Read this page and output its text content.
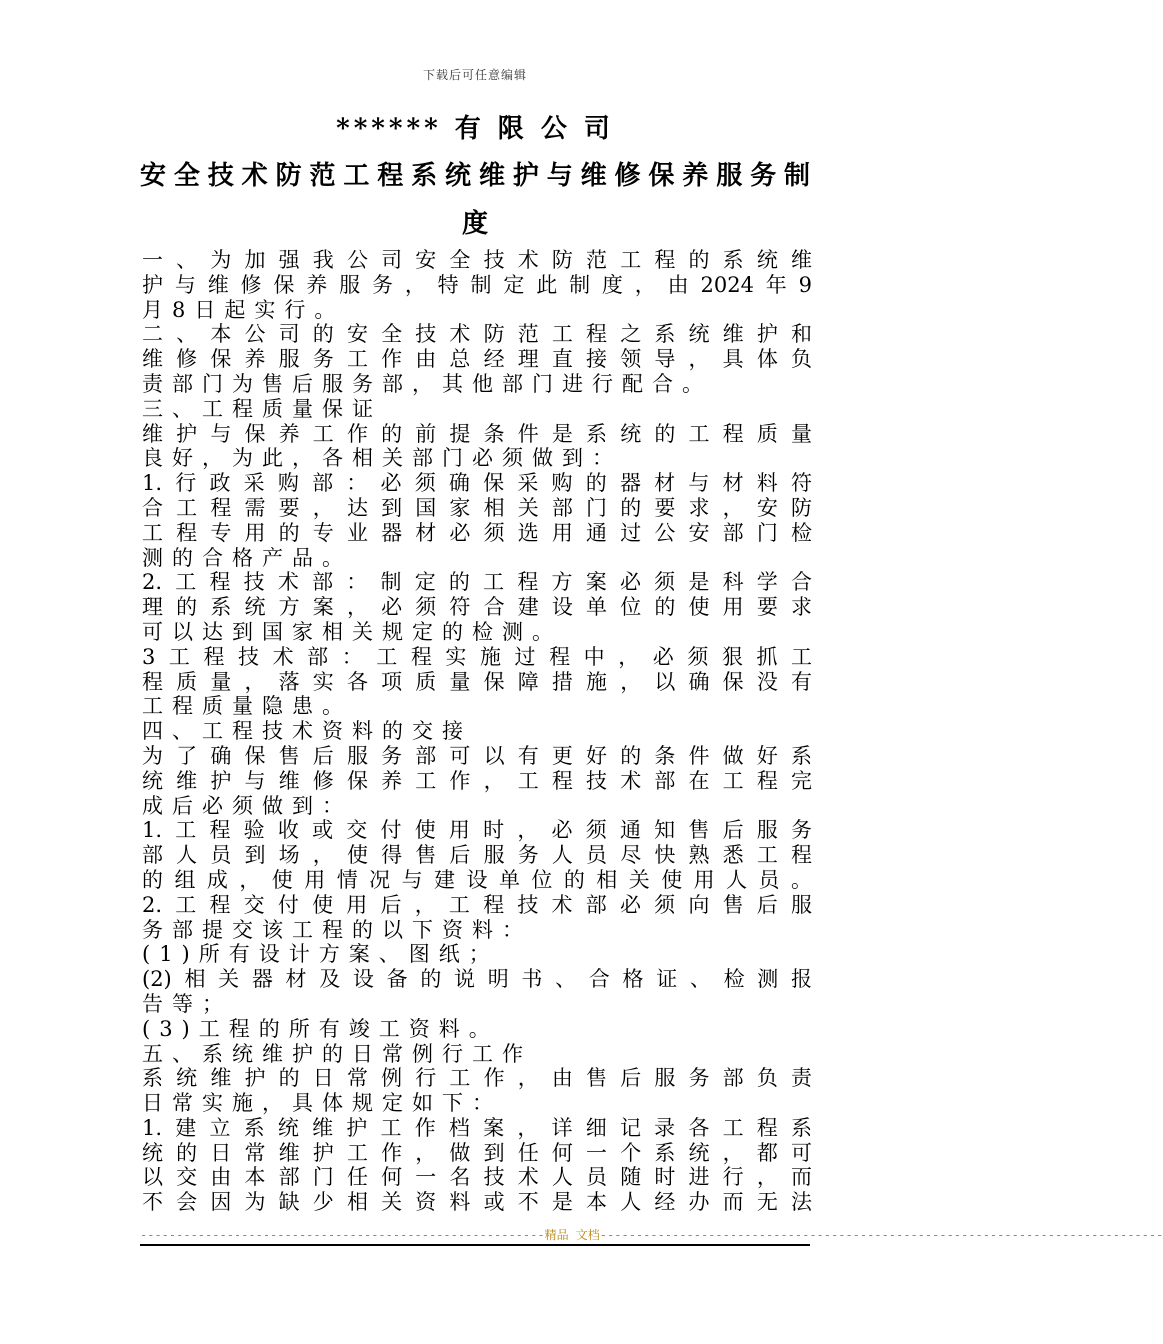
下载后可任意编辑
****** 有 限 公 司
安全技术防范工程系统维护与维修保养服务制
度
一、为加强我公司安全技术防范工程的系统维
护与维修保养服务，特制定此制度，由2024年9
月8日起实行。
二、本公司的安全技术防范工程之系统维护和
维修保养服务工作由总经理直接领导，具体负
责部门为售后服务部，其他部门进行配合。
三、工程质量保证
维护与保养工作的前提条件是系统的工程质量
良好，为此，各相关部门必须做到：
1.行政采购部：必须确保采购的器材与材料符
合工程需要，达到国家相关部门的要求，安防
工程专用的专业器材必须选用通过公安部门检
测的合格产品。
2.工程技术部：制定的工程方案必须是科学合
理的系统方案，必须符合建设单位的使用要求
可以达到国家相关规定的检测。
3工程技术部：工程实施过程中，必须狠抓工
程质量，落实各项质量保障措施，以确保没有
工程质量隐患。
四、工程技术资料的交接
为了确保售后服务部可以有更好的条件做好系
统维护与维修保养工作，工程技术部在工程完
成后必须做到：
1.工程验收或交付使用时，必须通知售后服务
部人员到场，使得售后服务人员尽快熟悉工程
的组成，使用情况与建设单位的相关使用人员。
2.工程交付使用后，工程技术部必须向售后服
务部提交该工程的以下资料：
(1)所有设计方案、图纸；
(2)相关器材及设备的说明书、合格证、检测报
告等；
(3)工程的所有竣工资料。
五、系统维护的日常例行工作
系统维护的日常例行工作，由售后服务部负责
日常实施，具体规定如下：
1.建立系统维护工作档案，详细记录各工程系
统的日常维护工作，做到任何一个系统，都可
以交由本部门任何一名技术人员随时进行，而
不会因为缺少相关资料或不是本人经办而无法
--------------------------------------------------------精品 文档------------------------------------------------------------------------------
